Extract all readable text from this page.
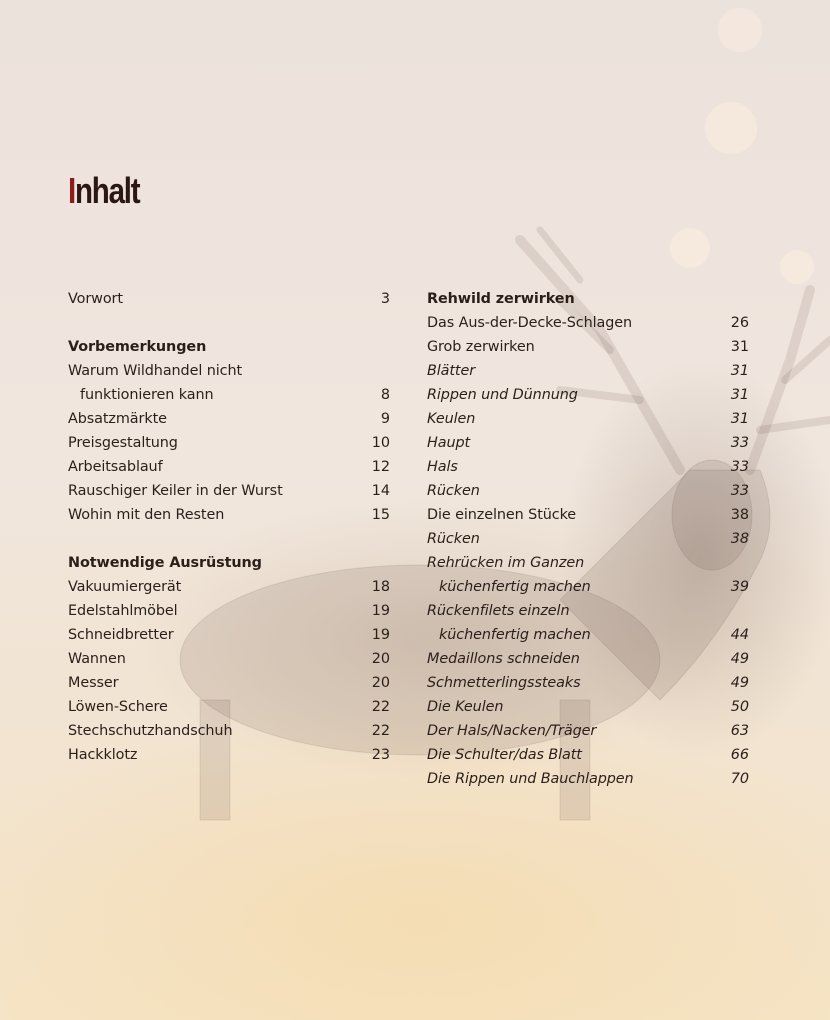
Inhalt
Vorwort	3
Vorbemerkungen
Warum Wildhandel nicht
funktionieren kann	8
Absatzmärkte	9
Preisgestaltung	10
Arbeitsablauf	12
Rauschiger Keiler in der Wurst	14
Wohin mit den Resten	15
Notwendige Ausrüstung
Vakuumiergerät	18
Edelstahlmöbel	19
Schneidbretter	19
Wannen	20
Messer	20
Löwen-Schere	22
Stechschutzhandschuh	22
Hackklotz	23
Rehwild zerwirken
Das Aus-der-Decke-Schlagen	26
Grob zerwirken	31
Blätter	31
Rippen und Dünnung	31
Keulen	31
Haupt	33
Hals	33
Rücken	33
Die einzelnen Stücke	38
Rücken	38
Rehrücken im Ganzen
küchenfertig machen	39
Rückenfilets einzeln
küchenfertig machen	44
Medaillons schneiden	49
Schmetterlingssteaks	49
Die Keulen	50
Der Hals/Nacken/Träger	63
Die Schulter/das Blatt	66
Die Rippen und Bauchlappen	70
